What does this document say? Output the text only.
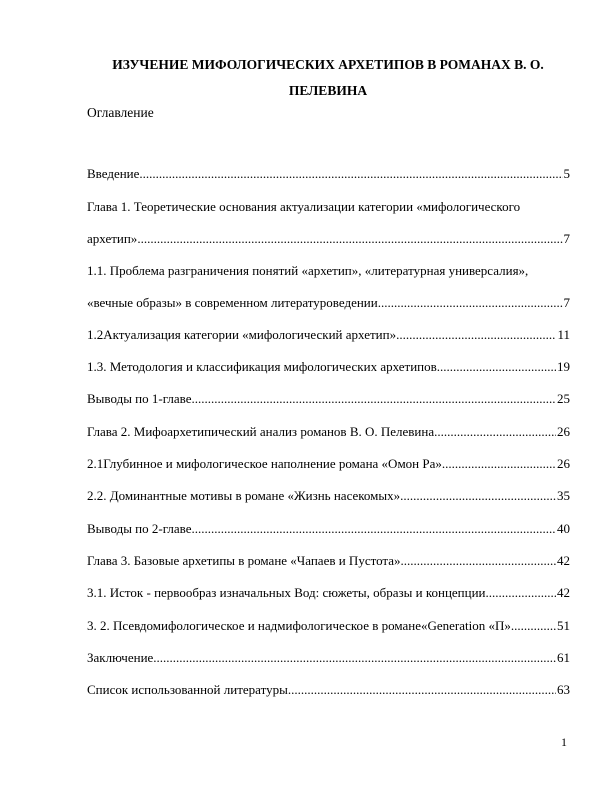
ИЗУЧЕНИЕ МИФОЛОГИЧЕСКИХ АРХЕТИПОВ В РОМАНАХ В. О.
ПЕЛЕВИНА

Оглавление

Введение .....	5
Глава 1. Теоретические основания актуализации категории «мифологического
архетип» .....	7
1.1. Проблема разграничения понятий «архетип», «литературная универсалия»,
«вечные образы» в современном литературоведении .....	7
1.2Актуализация категории «мифологический архетип» .....	11
1.3. Методология и классификация мифологических архетипов .....	19
Выводы по 1-главе .....	25
Глава 2. Мифоархетипический анализ романов В. О. Пелевина .....	26
2.1Глубинное и мифологическое наполнение романа «Омон Ра» .....	26
2.2. Доминантные мотивы в романе «Жизнь насекомых» .....	35
Выводы по 2-главе .....	40
Глава 3. Базовые архетипы в романе «Чапаев и Пустота» .....	42
3.1. Исток - первообраз изначальных Вод: сюжеты, образы и концепции .....	42
3. 2. Псевдомифологическое и надмифологическое в романе«Generation «П» .....	51
Заключение .....	61
Список использованной литературы .....	63
1
